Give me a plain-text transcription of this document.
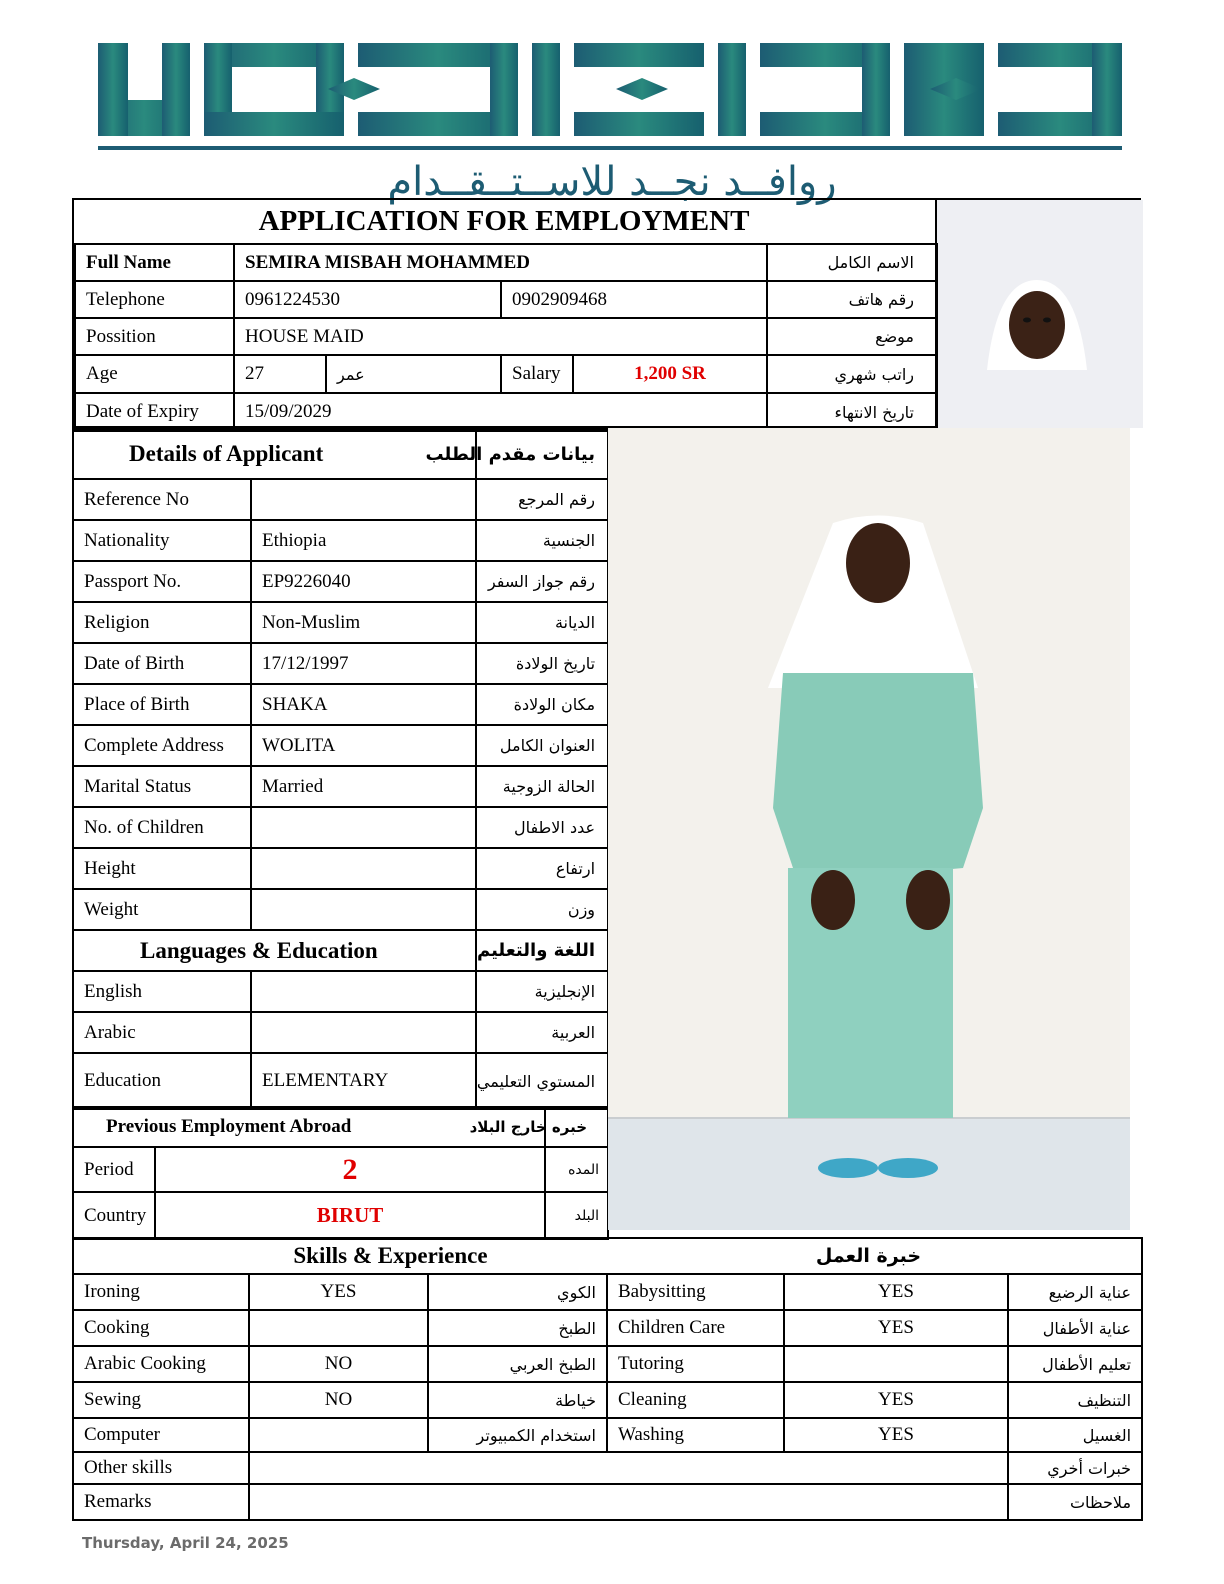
روافــد نجــد للاســتــقــدام
APPLICATION FOR EMPLOYMENT
Full Name	SEMIRA MISBAH MOHAMMED				الاسم الكامل
Telephone	0961224530		0902909468		رقم هاتف
Possition	HOUSE MAID				موضع
Age	27	عمر	Salary	1,200 SR	راتب شهري
Date of Expiry	15/09/2029				تاريخ الانتهاء
Details of Applicant		بيانات مقدم الطلب
Reference No		رقم المرجع
Nationality	Ethiopia	الجنسية
Passport No.	EP9226040	رقم جواز السفر
Religion	Non-Muslim	الديانة
Date of Birth	17/12/1997	تاريخ الولادة
Place of Birth	SHAKA	مكان الولادة
Complete Address	WOLITA	العنوان الكامل
Marital Status	Married	الحالة الزوجية
No. of Children		عدد الاطفال
Height		ارتفاع
Weight		وزن
Languages & Education		اللغة والتعليم
English		الإنجليزية
Arabic		العربية
Education	ELEMENTARY	المستوي التعليمي
Previous Employment Abroad		خبره خارج البلاد
Period	2	المده
Country	BIRUT	البلد
Skills & Experience			خبرة العمل		
Ironing	YES	الكوي	Babysitting	YES	عناية الرضيع
Cooking		الطبخ	Children Care	YES	عناية الأطفال
Arabic Cooking	NO	الطبخ العربي	Tutoring		تعليم الأطفال
Sewing	NO	خياطة	Cleaning	YES	التنظيف
Computer		استخدام الكمبيوتر	Washing	YES	الغسيل
Other skills					خبرات أخري
Remarks					ملاحظات
Thursday, April 24, 2025
